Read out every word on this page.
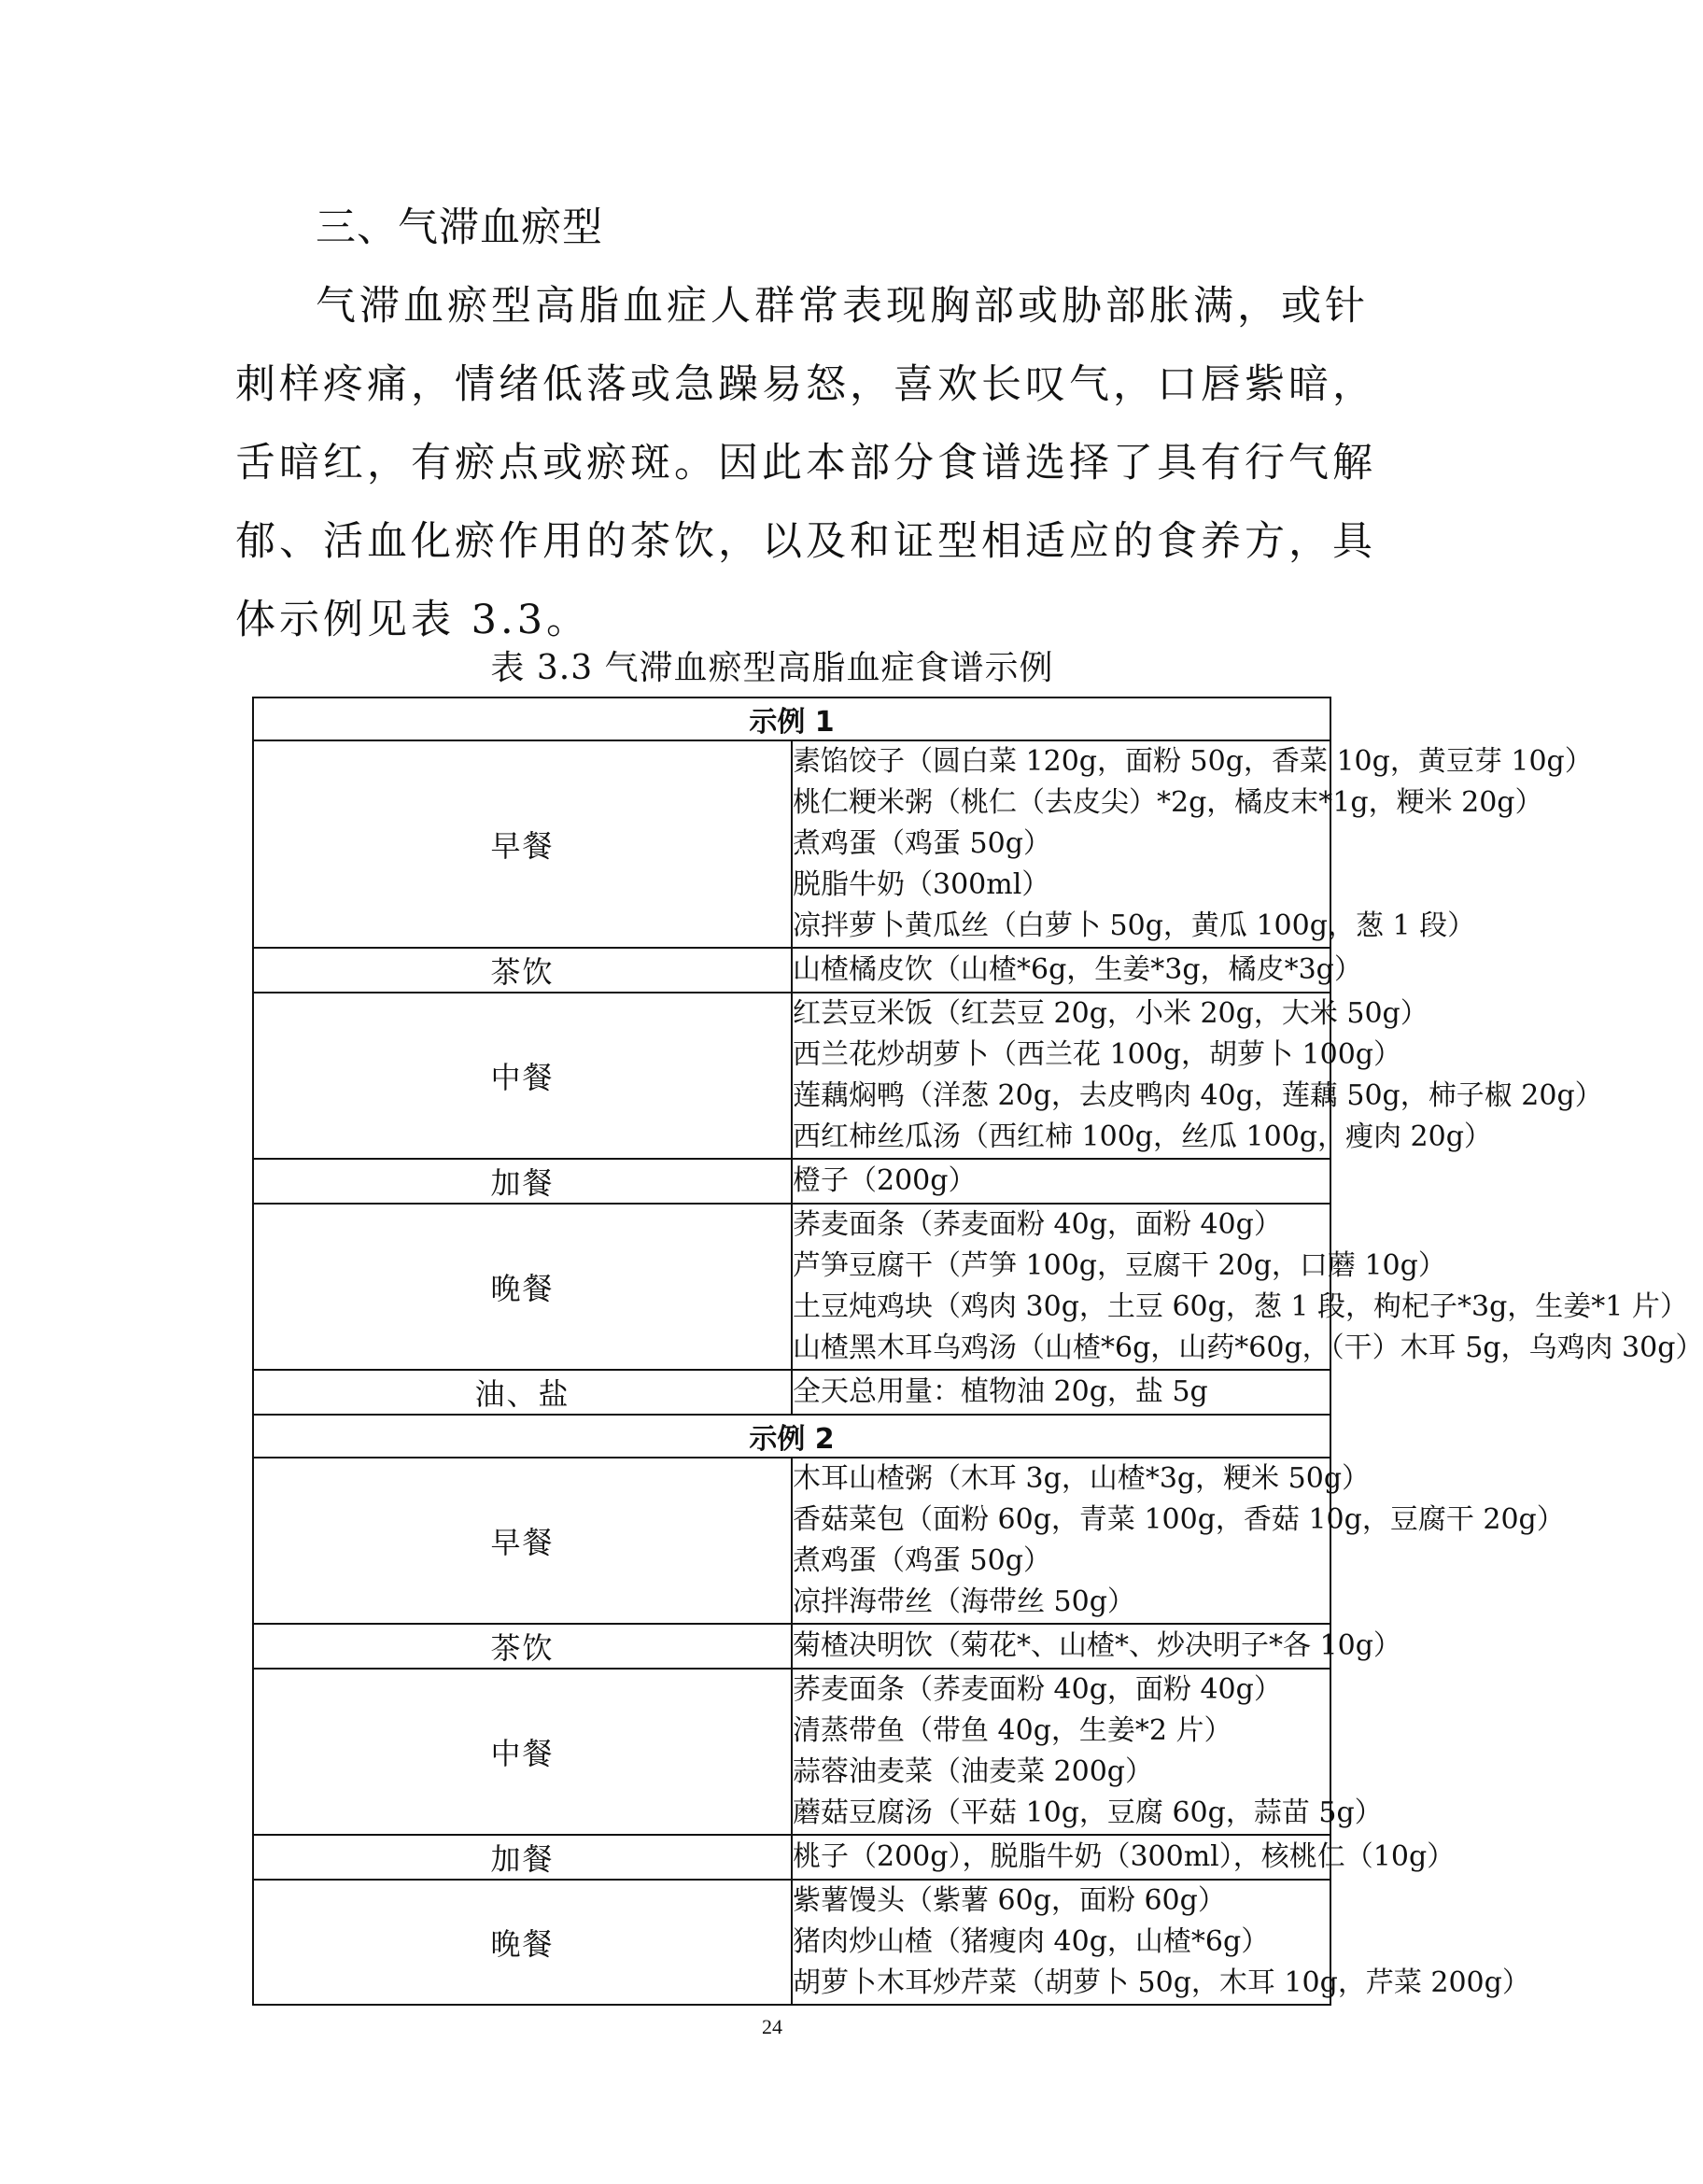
三、气滞血瘀型

气滞血瘀型高脂血症人群常表现胸部或胁部胀满，或针
刺样疼痛，情绪低落或急躁易怒，喜欢长叹气，口唇紫暗，
舌暗红，有瘀点或瘀斑。因此本部分食谱选择了具有行气解
郁、活血化瘀作用的茶饮，以及和证型相适应的食养方，具
体示例见表 3.3。

表 3.3 气滞血瘀型高脂血症食谱示例

示例 1	
早餐	素馅饺子（圆白菜 120g，面粉 50g，香菜 10g，黄豆芽 10g）
桃仁粳米粥（桃仁（去皮尖）*2g，橘皮末*1g，粳米 20g）
煮鸡蛋（鸡蛋 50g）
脱脂牛奶（300ml）
凉拌萝卜黄瓜丝（白萝卜 50g，黄瓜 100g，葱 1 段）

茶饮	山楂橘皮饮（山楂*6g，生姜*3g，橘皮*3g）

中餐	红芸豆米饭（红芸豆 20g，小米 20g，大米 50g）
西兰花炒胡萝卜（西兰花 100g，胡萝卜 100g）
莲藕焖鸭（洋葱 20g，去皮鸭肉 40g，莲藕 50g，柿子椒 20g）
西红柿丝瓜汤（西红柿 100g，丝瓜 100g，瘦肉 20g）

加餐	橙子（200g）

晚餐	荞麦面条（荞麦面粉 40g，面粉 40g）
芦笋豆腐干（芦笋 100g，豆腐干 20g，口蘑 10g）
土豆炖鸡块（鸡肉 30g，土豆 60g，葱 1 段，枸杞子*3g，生姜*1 片）
山楂黑木耳乌鸡汤（山楂*6g，山药*60g，（干）木耳 5g，乌鸡肉 30g）

油、盐	全天总用量：植物油 20g，盐 5g

示例 2	
早餐	木耳山楂粥（木耳 3g，山楂*3g，粳米 50g）
香菇菜包（面粉 60g，青菜 100g，香菇 10g，豆腐干 20g）
煮鸡蛋（鸡蛋 50g）
凉拌海带丝（海带丝 50g）

茶饮	菊楂决明饮（菊花*、山楂*、炒决明子*各 10g）

中餐	荞麦面条（荞麦面粉 40g，面粉 40g）
清蒸带鱼（带鱼 40g，生姜*2 片）
蒜蓉油麦菜（油麦菜 200g）
蘑菇豆腐汤（平菇 10g，豆腐 60g，蒜苗 5g）

加餐	桃子（200g），脱脂牛奶（300ml），核桃仁（10g）

晚餐	紫薯馒头（紫薯 60g，面粉 60g）
猪肉炒山楂（猪瘦肉 40g，山楂*6g）
胡萝卜木耳炒芹菜（胡萝卜 50g，木耳 10g，芹菜 200g）

24
